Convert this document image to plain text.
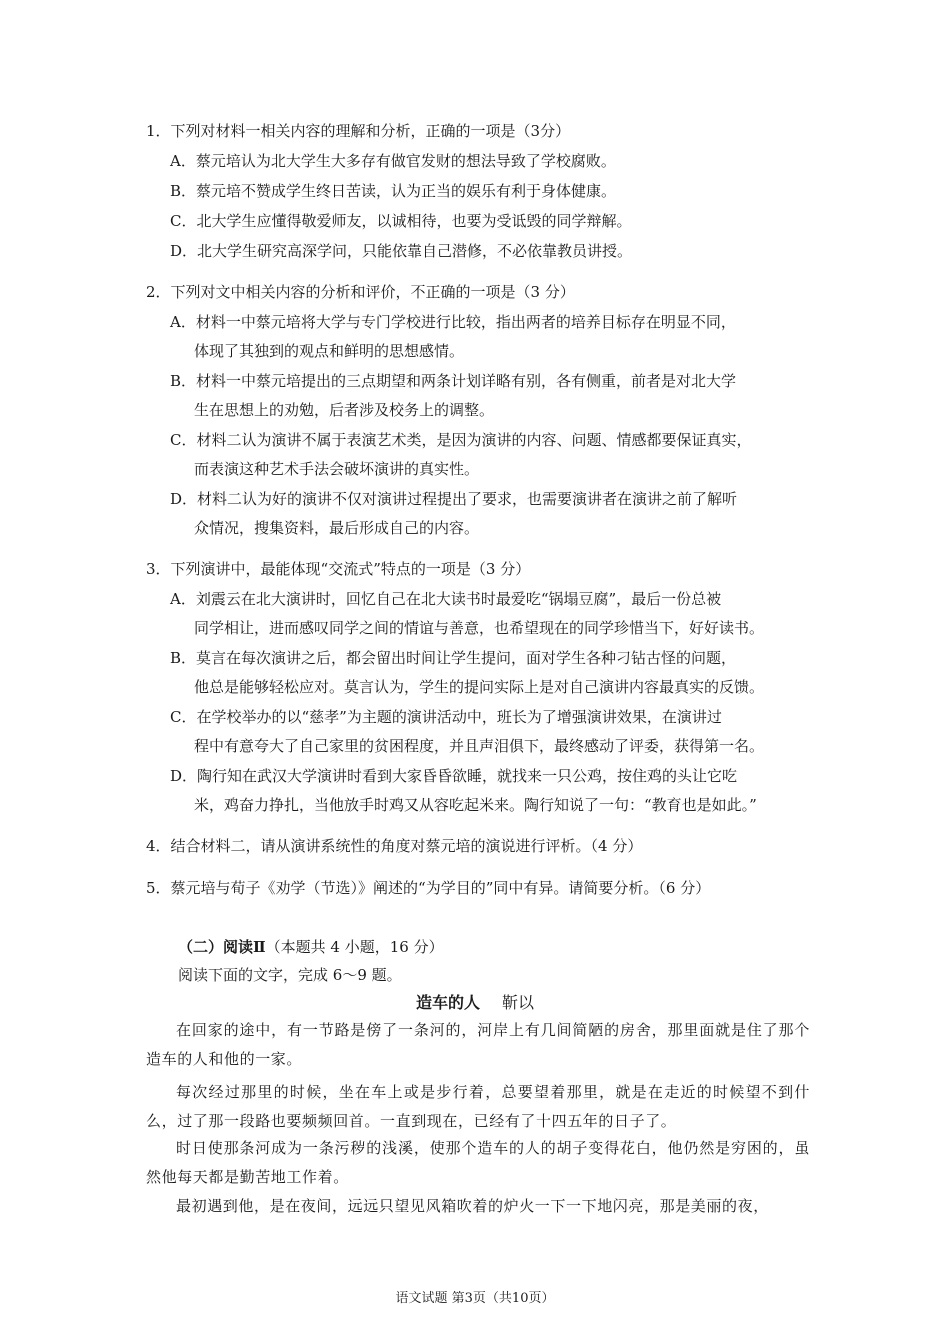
1．下列对材料一相关内容的理解和分析，正确的一项是（3分）
A．蔡元培认为北大学生大多存有做官发财的想法导致了学校腐败。
B．蔡元培不赞成学生终日苦读，认为正当的娱乐有利于身体健康。
C．北大学生应懂得敬爱师友，以诚相待，也要为受诋毁的同学辩解。
D．北大学生研究高深学问，只能依靠自己潜修，不必依靠教员讲授。
2．下列对文中相关内容的分析和评价，不正确的一项是（3 分）
A．材料一中蔡元培将大学与专门学校进行比较，指出两者的培养目标存在明显不同，
体现了其独到的观点和鲜明的思想感情。
B．材料一中蔡元培提出的三点期望和两条计划详略有别，各有侧重，前者是对北大学
生在思想上的劝勉，后者涉及校务上的调整。
C．材料二认为演讲不属于表演艺术类，是因为演讲的内容、问题、情感都要保证真实，
而表演这种艺术手法会破坏演讲的真实性。
D．材料二认为好的演讲不仅对演讲过程提出了要求，也需要演讲者在演讲之前了解听
众情况，搜集资料，最后形成自己的内容。
3．下列演讲中，最能体现“交流式”特点的一项是（3 分）
A．刘震云在北大演讲时，回忆自己在北大读书时最爱吃“锅塌豆腐”，最后一份总被
同学相让，进而感叹同学之间的情谊与善意，也希望现在的同学珍惜当下，好好读书。
B．莫言在每次演讲之后，都会留出时间让学生提问，面对学生各种刁钻古怪的问题，
他总是能够轻松应对。莫言认为，学生的提问实际上是对自己演讲内容最真实的反馈。
C．在学校举办的以“慈孝”为主题的演讲活动中，班长为了增强演讲效果，在演讲过
程中有意夸大了自己家里的贫困程度，并且声泪俱下，最终感动了评委，获得第一名。
D．陶行知在武汉大学演讲时看到大家昏昏欲睡，就找来一只公鸡，按住鸡的头让它吃
米，鸡奋力挣扎，当他放手时鸡又从容吃起米来。陶行知说了一句：“教育也是如此。”
4．结合材料二，请从演讲系统性的角度对蔡元培的演说进行评析。（4 分）
5．蔡元培与荀子《劝学（节选）》阐述的“为学目的”同中有异。请简要分析。（6 分）
（二）阅读Ⅱ（本题共 4 小题，16 分）
阅读下面的文字，完成 6～9 题。
造车的人 靳以
在回家的途中，有一节路是傍了一条河的，河岸上有几间简陋的房舍，那里面就是住了那个造车的人和他的一家。
每次经过那里的时候，坐在车上或是步行着，总要望着那里，就是在走近的时候望不到什么，过了那一段路也要频频回首。一直到现在，已经有了十四五年的日子了。
时日使那条河成为一条污秽的浅溪，使那个造车的人的胡子变得花白，他仍然是穷困的，虽然他每天都是勤苦地工作着。
最初遇到他，是在夜间，远远只望见风箱吹着的炉火一下一下地闪亮，那是美丽的夜，
语文试题 第3页（共10页）
